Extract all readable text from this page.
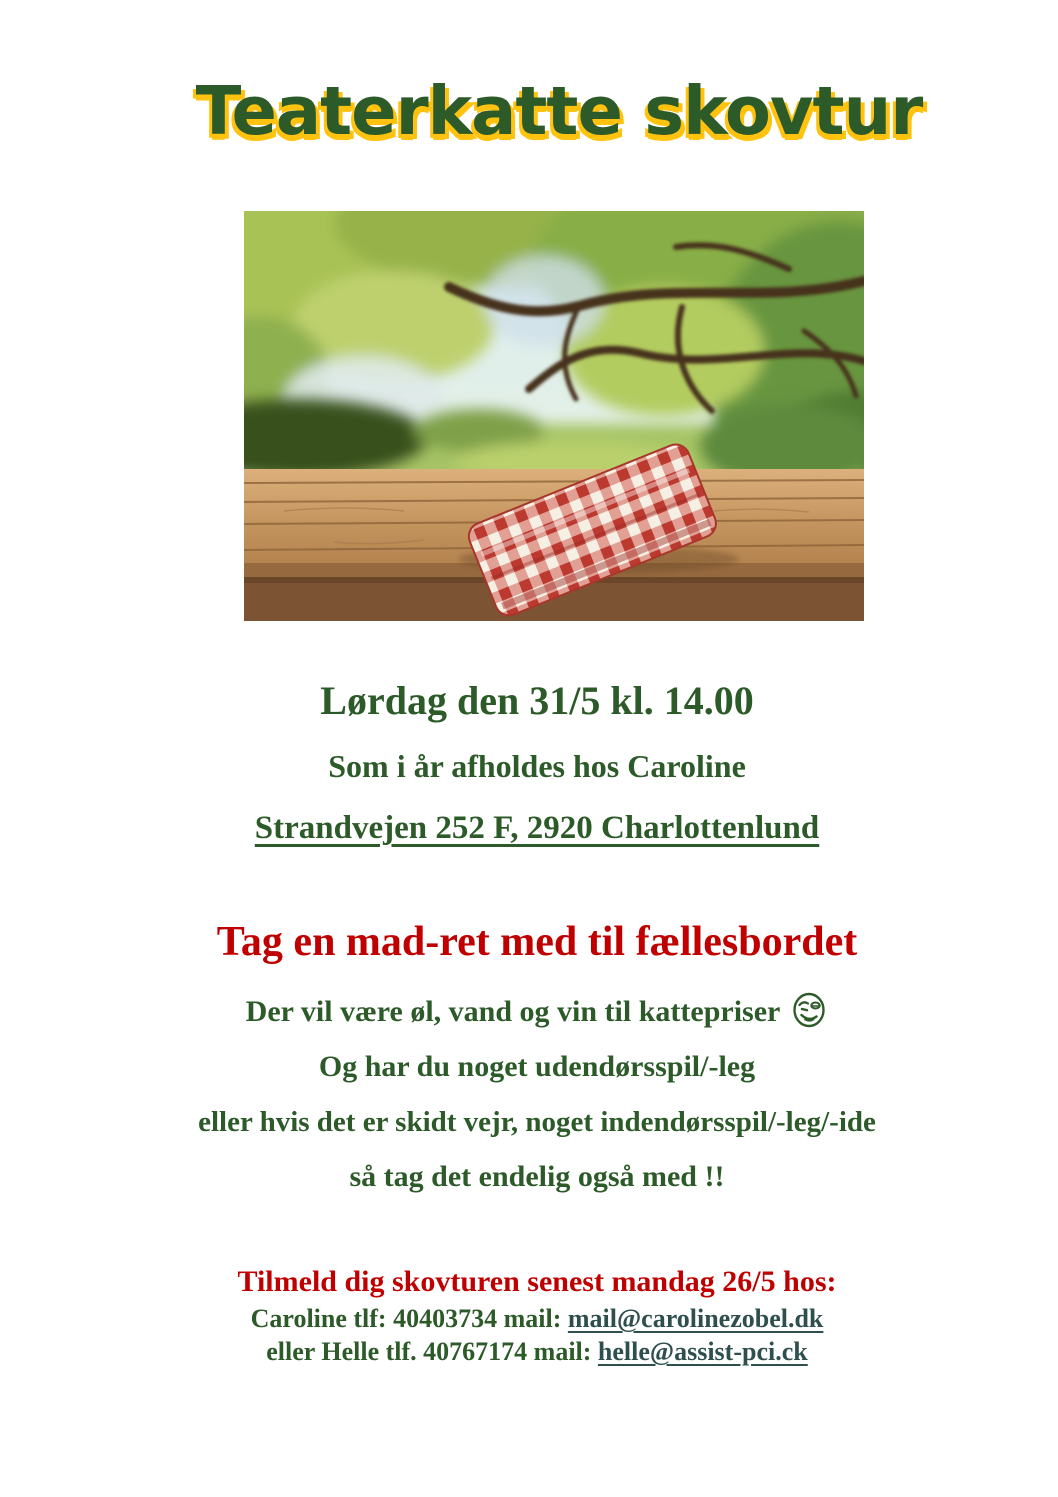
Teaterkatte skovtur

Lørdag den 31/5 kl. 14.00

Som i år afholdes hos Caroline

Strandvejen 252 F, 2920 Charlottenlund

Tag en mad-ret med til fællesbordet

Der vil være øl, vand og vin til kattepriser

Og har du noget udendørsspil/-leg

eller hvis det er skidt vejr, noget indendørsspil/-leg/-ide

så tag det endelig også med !!

Tilmeld dig skovturen senest mandag 26/5 hos:

Caroline tlf: 40403734 mail: mail@carolinezobel.dk

eller Helle tlf. 40767174 mail: helle@assist-pci.ck
